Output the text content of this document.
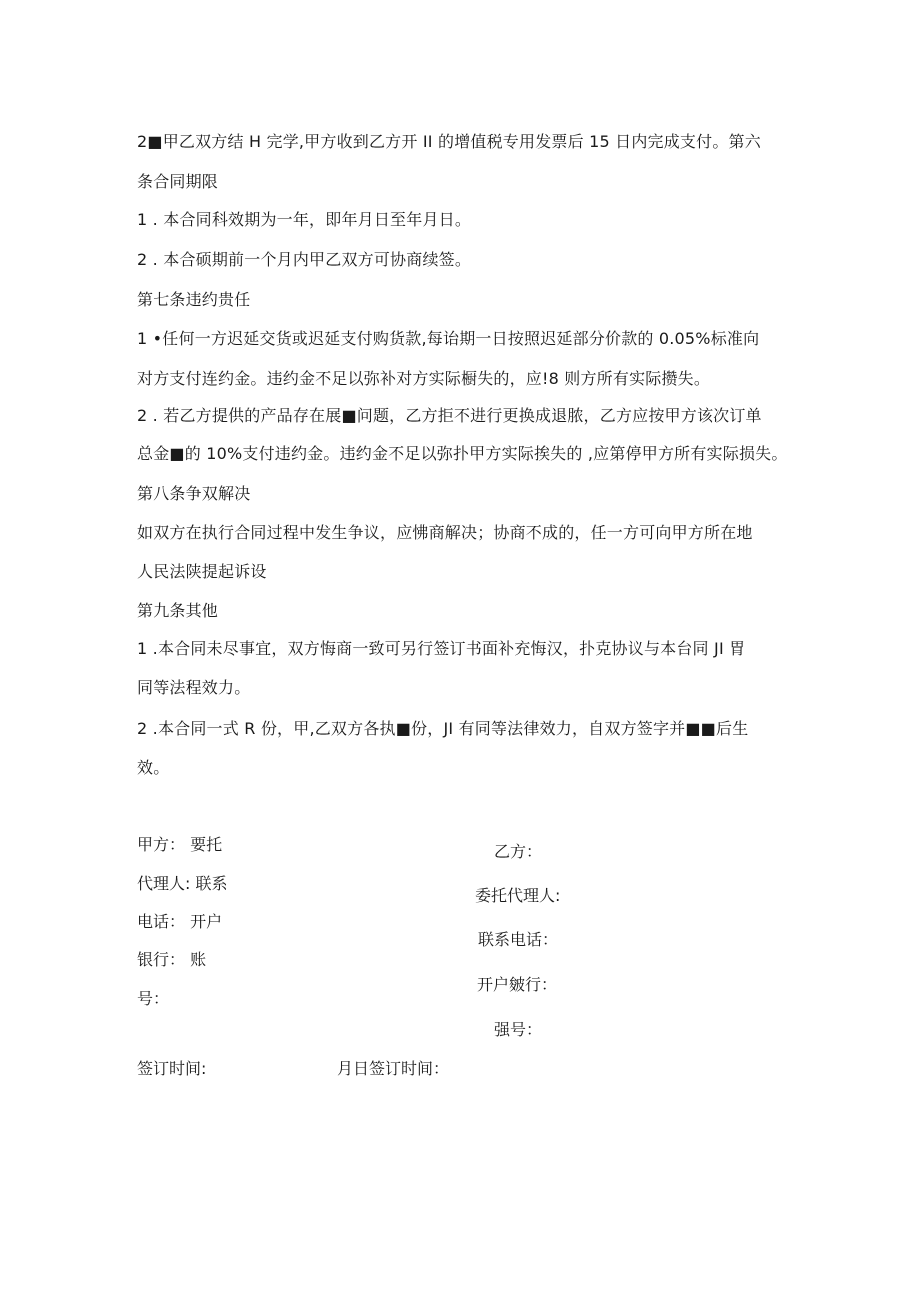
2■甲乙双方结 H 完学,甲方收到乙方开 II 的增值税专用发票后 15 日内完成支付。第六
条合同期限
1 . 本合同科效期为一年，即年月日至年月日。
2 . 本合硕期前一个月内甲乙双方可协商续签。
第七条违约贵任
1 •任何一方迟延交货或迟延支付购货款,每诒期一日按照迟延部分价款的 0.05%标准向
对方支付连约金。违约金不足以弥补对方实际橱失的，应!8 则方所有实际攒失。
2 . 若乙方提供的产品存在展■问题，乙方拒不进行更换成退脓，乙方应按甲方该次订单
总金■的 10%支付违约金。违约金不足以弥扑甲方实际挨失的 ,应第停甲方所有实际损失。
第八条争双解决
如双方在执行合同过程中发生争议，应怫商解决；协商不成的，任一方可向甲方所在地
人民法陕提起诉设
第九条其他
1 .本合同未尽事宜，双方悔商一致可另行签订书面补充悔汉，扑克协议与本台同 JI 胃
同等法程效力。
2 .本合同一式 R 份，甲,乙双方各执■份，JI 有同等法律效力，自双方签字并■■后生
效。
甲方： 要托
代理人: 联系
电话： 开户
银行： 账
号：
乙方：
委托代理人:
联系电话：
开户皴行：
强号：
签订时间:	月日签订时间：
